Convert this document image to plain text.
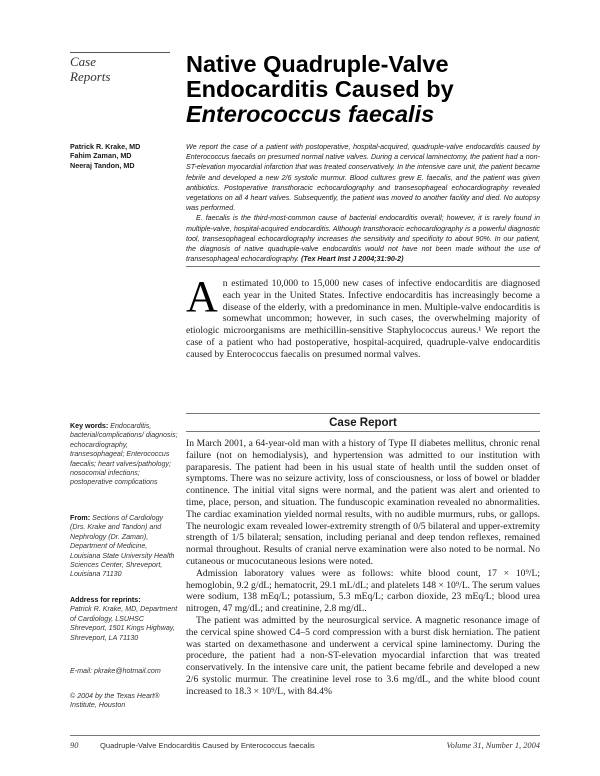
Case
Reports	Native Quadruple-Valve
Endocarditis Caused by
Enterococcus faecalis
Patrick R. Krake, MD
Fahim Zaman, MD
Neeraj Tandon, MD

We report the case of a patient with postoperative, hospital-acquired, quadruple-valve endocarditis caused by Enterococcus faecalis on presumed normal native valves. During a cervical laminectomy, the patient had a non-ST-elevation myocardial infarction that was treated conservatively. In the intensive care unit, the patient became febrile and developed a new 2/6 systolic murmur. Blood cultures grew E. faecalis, and the patient was given antibiotics. Postoperative transthoracic echocardiography and transesophageal echocardiography revealed vegetations on all 4 heart valves. Subsequently, the patient was moved to another facility and died. No autopsy was performed.

E. faecalis is the third-most-common cause of bacterial endocarditis overall; however, it is rarely found in multiple-valve, hospital-acquired endocarditis. Although transthoracic echocardiography is a powerful diagnostic tool, transesophageal echocardiography increases the sensitivity and specificity to about 90%. In our patient, the diagnosis of native quadruple-valve endocarditis would not have not been made without the use of transesophageal echocardiography. (Tex Heart Inst J 2004;31:90-2)

An estimated 10,000 to 15,000 new cases of infective endocarditis are diagnosed each year in the United States. Infective endocarditis has increasingly become a disease of the elderly, with a predominance in men. Multiple-valve endocarditis is somewhat uncommon; however, in such cases, the overwhelming majority of etiologic microorganisms are methicillin-sensitive Staphylococcus aureus.¹ We report the case of a patient who had postoperative, hospital-acquired, quadruple-valve endocarditis caused by Enterococcus faecalis on presumed normal valves.

Case Report

In March 2001, a 64-year-old man with a history of Type II diabetes mellitus, chronic renal failure (not on hemodialysis), and hypertension was admitted to our institution with paraparesis. The patient had been in his usual state of health until the sudden onset of symptoms. There was no seizure activity, loss of consciousness, or loss of bowel or bladder continence. The initial vital signs were normal, and the patient was alert and oriented to time, place, person, and situation. The funduscopic examination revealed no abnormalities. The cardiac examination yielded normal results, with no audible murmurs, rubs, or gallops. The neurologic exam revealed lower-extremity strength of 0/5 bilateral and upper-extremity strength of 1/5 bilateral; sensation, including perianal and deep tendon reflexes, remained normal throughout. Results of cranial nerve examination were also noted to be normal. No cutaneous or mucocutaneous lesions were noted.

Admission laboratory values were as follows: white blood count, 17 × 10⁹/L; hemoglobin, 9.2 g/dL; hematocrit, 29.1 mL/dL; and platelets 148 × 10⁹/L. The serum values were sodium, 138 mEq/L; potassium, 5.3 mEq/L; carbon dioxide, 23 mEq/L; blood urea nitrogen, 47 mg/dL; and creatinine, 2.8 mg/dL.

The patient was admitted by the neurosurgical service. A magnetic resonance image of the cervical spine showed C4–5 cord compression with a burst disk herniation. The patient was started on dexamethasone and underwent a cervical spine laminectomy. During the procedure, the patient had a non-ST-elevation myocardial infarction that was treated conservatively. In the intensive care unit, the patient became febrile and developed a new 2/6 systolic murmur. The creatinine level rose to 3.6 mg/dL, and the white blood count increased to 18.3 × 10⁹/L, with 84.4%

Key words: Endocarditis, bacterial/complications/ diagnosis; echocardiography, transesophageal; Enterococcus faecalis; heart valves/pathology; nosocomial infections; postoperative complications
From: Sections of Cardiology (Drs. Krake and Tandon) and Nephrology (Dr. Zaman), Department of Medicine, Louisiana State University Health Sciences Center, Shreveport, Louisiana 71130
Address for reprints:
Patrick R. Krake, MD, Department of Cardiology, LSUHSC Shreveport, 1501 Kings Highway, Shreveport, LA 71130
E-mail: pkrake@hotmail.com
© 2004 by the Texas Heart® Institute, Houston
90	Quadruple-Valve Endocarditis Caused by Enterococcus faecalis	Volume 31, Number 1, 2004
